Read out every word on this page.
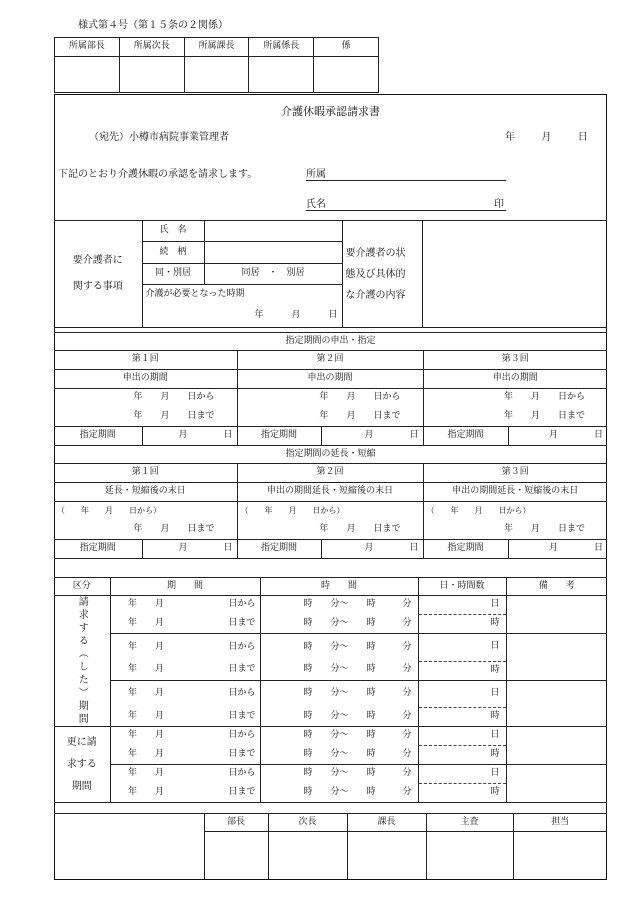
様式第４号（第１５条の２関係）
所属部長	所属次長	所属課長	所属係長	係

介護休暇承認請求書
（宛先）小樽市病院事業管理者	年	月	日
下記のとおり介護休暇の承認を請求します。	所属
氏名	印
要介護者に
関する事項	氏　名		要介護者の状
態及び具体的
な介護の内容	
	続　柄			
	同・別居	同居　・　別居		
	介護が必要となった時期			
	年 月 日			
指定期間の申出・指定					
第１回		第２回		第３回	
申出の期間		申出の期間		申出の期間	
年　　 月　　 日から		年　　 月　　 日から		年　　 月　　 日から	
年　　 月　　 日まで		年　　 月　　 日まで		年　　 月　　 日まで	
指定期間	月 日	指定期間	月 日	指定期間	月 日
指定期間の延長・短縮					
第１回		第２回		第３回	
延長・短縮後の末日		申出の期間延長・短縮後の末日		申出の期間延長・短縮後の末日	
（　　年　　月　　日から）		（　　年　　月　　日から）		（　　年　　月　　日から）	
年　　 月　　 日まで		年　　 月　　 日まで		年　　 月　　 日まで	
指定期間	月 日	指定期間	月 日	指定期間	月 日
区分	期　　間		時　　間	日・時間数	備　　考

請求する（した）期間	年　　 月	日から	時　　 分～　　 時　　　 分	日	
	年　　 月	日まで	時　　 分～　　 時　　　 分	時	
	年　　 月	日から	時　　 分～　　 時　　　 分	日	
	年　　 月	日まで	時　　 分～　　 時　　　 分	時	
	年　　 月	日から	時　　 分～　　 時　　　 分	日	
	年　　 月	日まで	時　　 分～　　 時　　　 分	時	
更に請
求する
期間	年　　 月	日から	時　　 分～　　 時　　　 分	日	
	年　　 月	日まで	時　　 分～　　 時　　　 分	時	
	年　　 月	日から	時　　 分～　　 時　　　 分	日	
	年　　 月	日まで	時　　 分～　　 時　　　 分	時	
	部長	次長	課長	主査	担当
